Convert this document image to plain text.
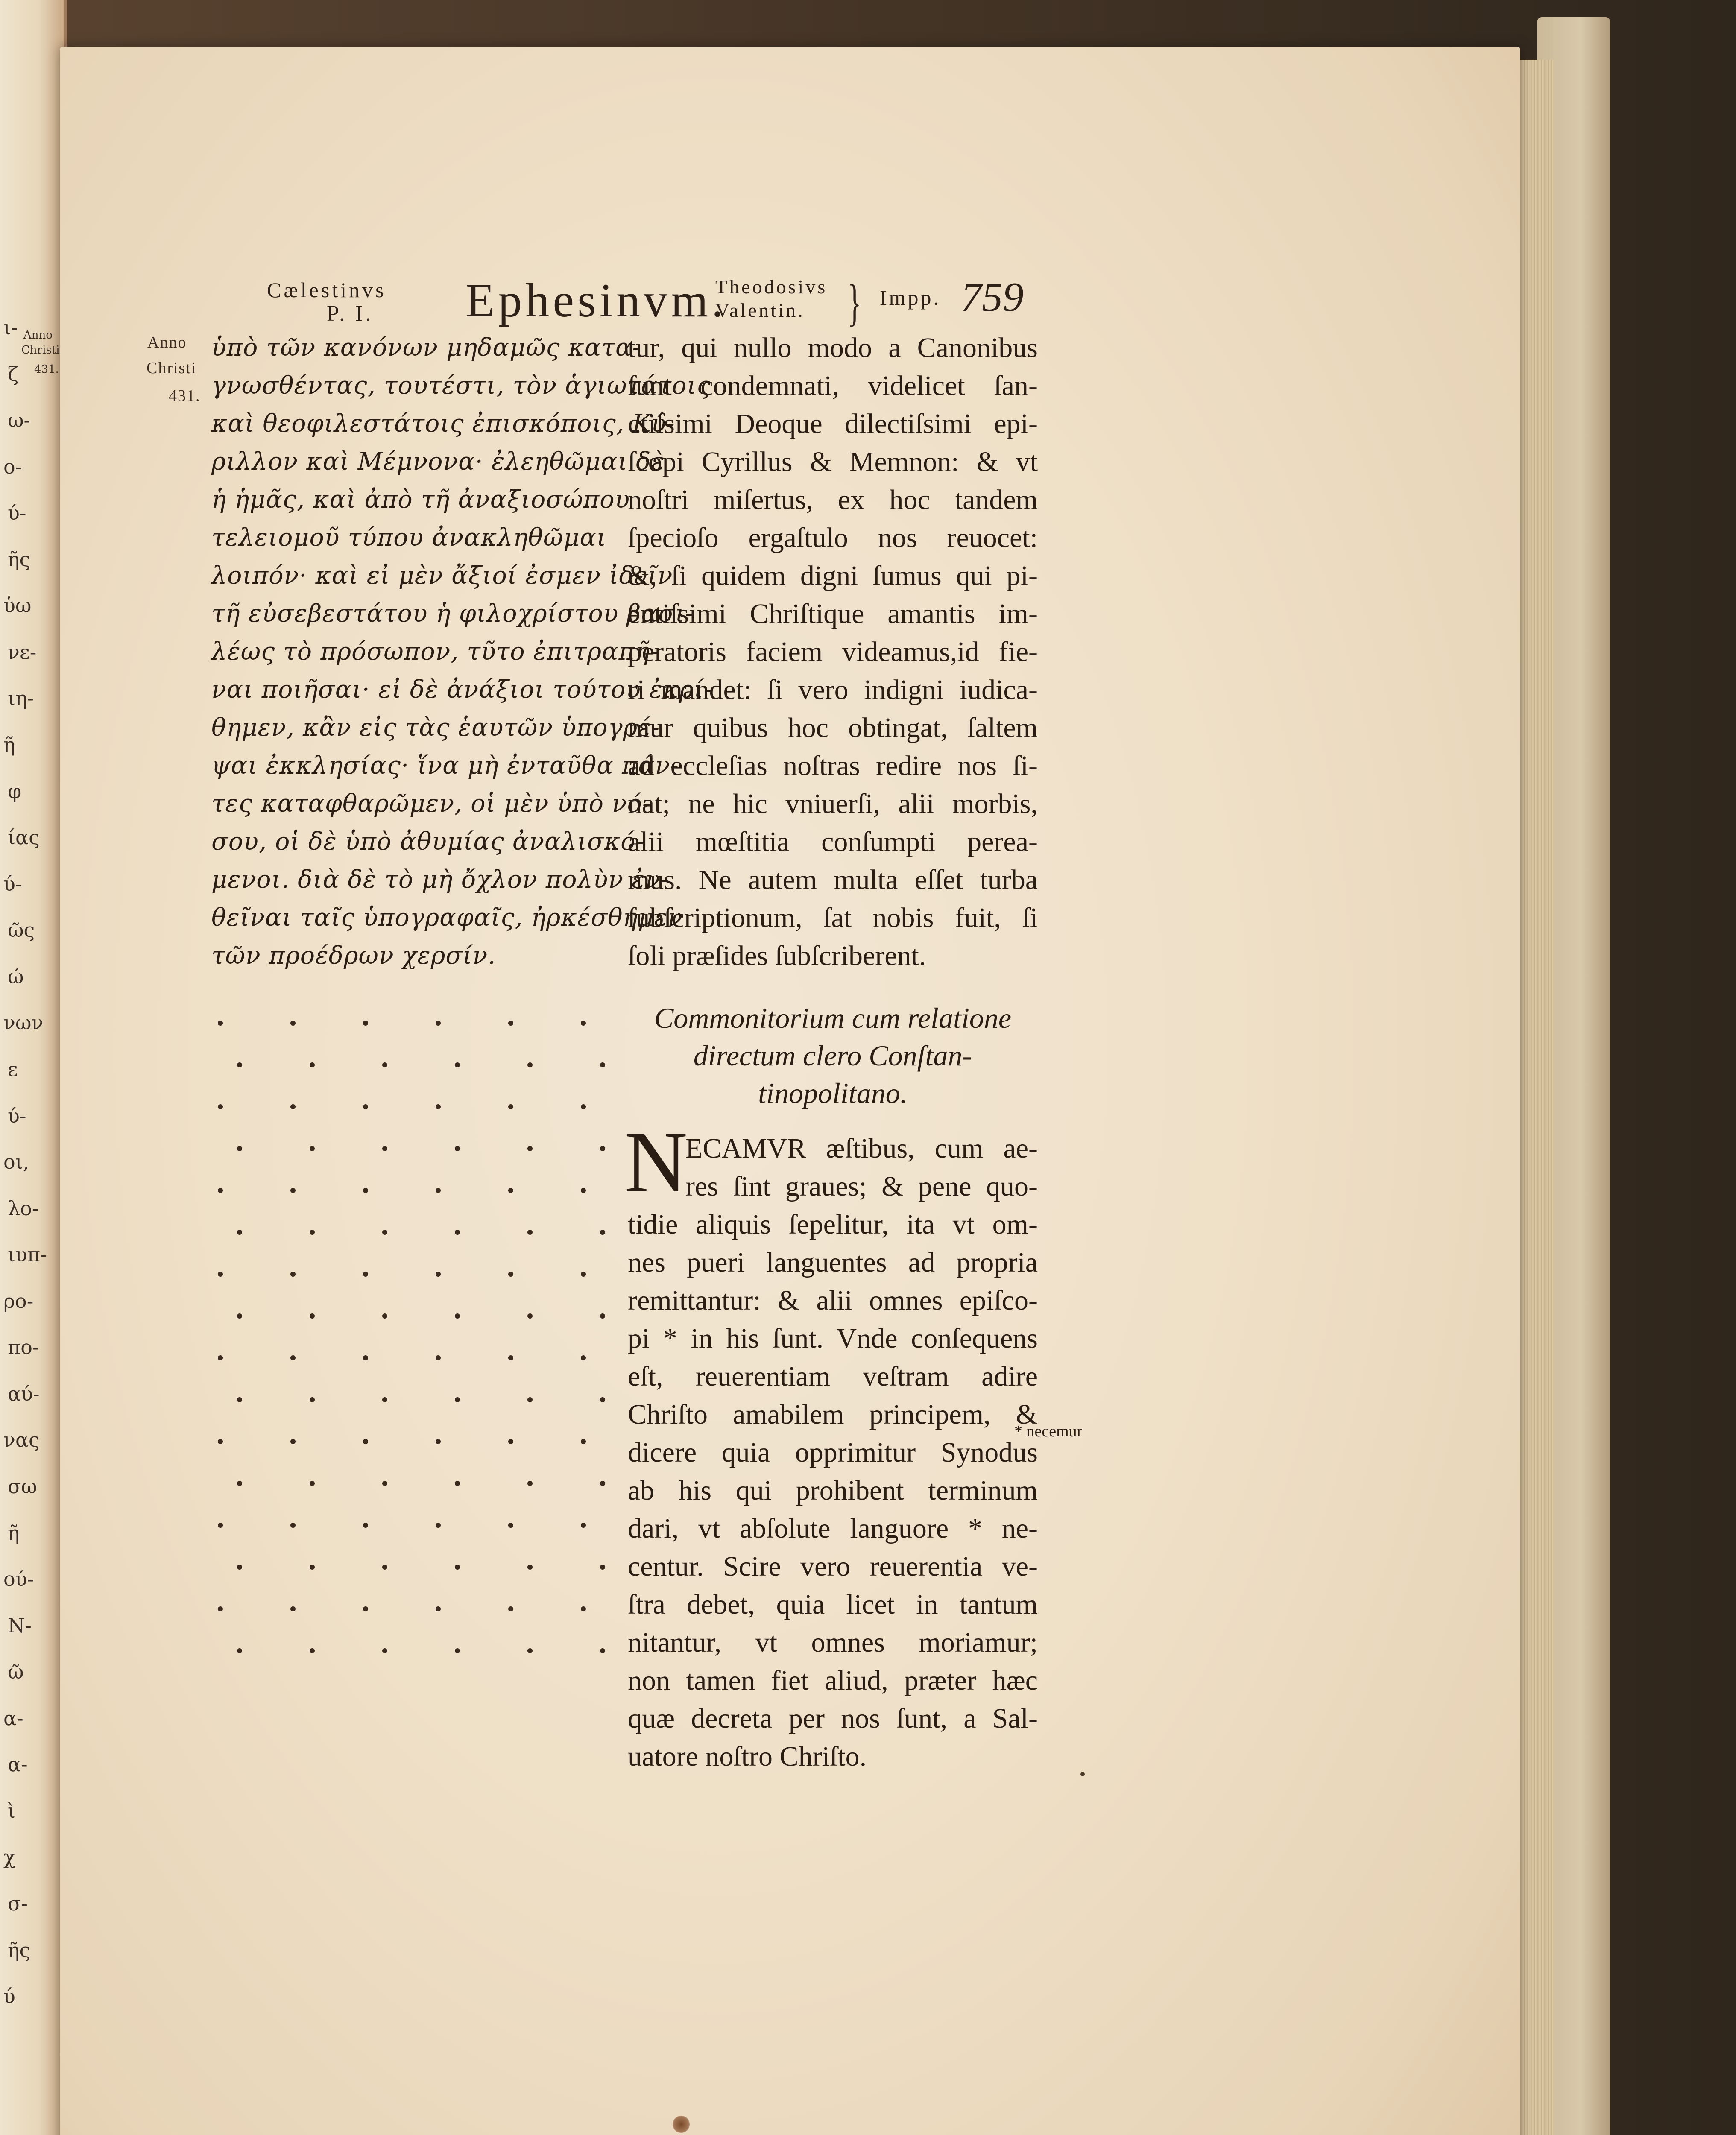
ι-
ζ
ω-
ο-
ύ-
ῆς
ὑω
νε-
ιη-
ῆ
φ
ίας
ύ-
ῶς
ώ
νων
ε
ύ-
οι,
λο-
ιυπ-
ρο-
πο-
αύ-
νας
σω
ῆ
ού-
Ν-
ῶ
α-
α-
ὶ
χ
σ-
ῆς
ύ
Anno
Christi
431.
Cælestinvs
P. I. Ephesinvm.
Theodosivs
Valentin. } Impp. 759
Anno
Christi
431.
ὑπὸ τῶν κανόνων μηδαμῶς κατα-
γνωσθέντας, τουτέστι, τὸν ἁγιωτάτοις
καὶ θεοφιλεστάτοις ἐπισκόποις, Κύ-
ριλλον καὶ Μέμνονα· ἐλεηθῶμαι δὲ
ἡ ἡμᾶς, καὶ ἀπὸ τῆ ἀναξιοσώπου
τελειομοῦ τύπου ἀνακληθῶμαι
λοιπόν· καὶ εἰ μὲν ἄξιοί ἐσμεν ἰδεῖν
τῆ εὐσεβεστάτου ἡ φιλοχρίστου βασι-
λέως τὸ πρόσωπον, τῦτο ἐπιτραπῆ-
ναι ποιῆσαι· εἰ δὲ ἀνάξιοι τούτου ἐκρί-
θημεν, κἂν εἰς τὰς ἑαυτῶν ὑπογρέ-
ψαι ἐκκλησίας· ἵνα μὴ ἐνταῦθα πάν-
τες καταφθαρῶμεν, οἱ μὲν ὑπὸ νό-
σου, οἱ δὲ ὑπὸ ἀθυμίας ἀναλισκό-
μενοι. διὰ δὲ τὸ μὴ ὄχλον πολὺν ἐν-
θεῖναι ταῖς ὑπογραφαῖς, ἠρκέσθημεν
τῶν προέδρων χερσίν.
tur, qui nullo modo a Canonibus
ſunt condemnati, videlicet ſan-
ctiſsimi Deoque dilectiſsimi epi-
ſcopi Cyrillus & Memnon: & vt
noſtri miſertus, ex hoc tandem
ſpecioſo ergaſtulo nos reuocet:
&, ſi quidem digni ſumus qui pi-
entiſsimi Chriſtique amantis im-
peratoris faciem videamus,id fie-
ri mandet: ſi vero indigni iudica-
mur quibus hoc obtingat, ſaltem
ad eccleſias noſtras redire nos ſi-
nat; ne hic vniuerſi, alii morbis,
alii mœſtitia conſumpti pereа-
mus. Ne autem multa eſſet turba
ſubſcriptionum, ſat nobis fuit, ſi
ſoli præſides ſubſcriberent.
Commonitorium cum relatione
directum clero Conſtan-
tinopolitano.
N
ECAMVR æſtibus, cum ae-
res ſint graues; & pene quo-
tidie aliquis ſepelitur, ita vt om-
nes pueri languentes ad propria
remittantur: & alii omnes epiſco-
pi * in his ſunt. Vnde conſequens
eſt, reuerentiam veſtram adire
Chriſto amabilem principem, &
dicere quia opprimitur Synodus
ab his qui prohibent terminum
dari, vt abſolute languore * ne-
centur. Scire vero reuerentia ve-
ſtra debet, quia licet in tantum
nitantur, vt omnes moriamur;
non tamen fiet aliud, præter hæc
quæ decreta per nos ſunt, a Sal-
uatore noſtro Chriſto.
* necemur
